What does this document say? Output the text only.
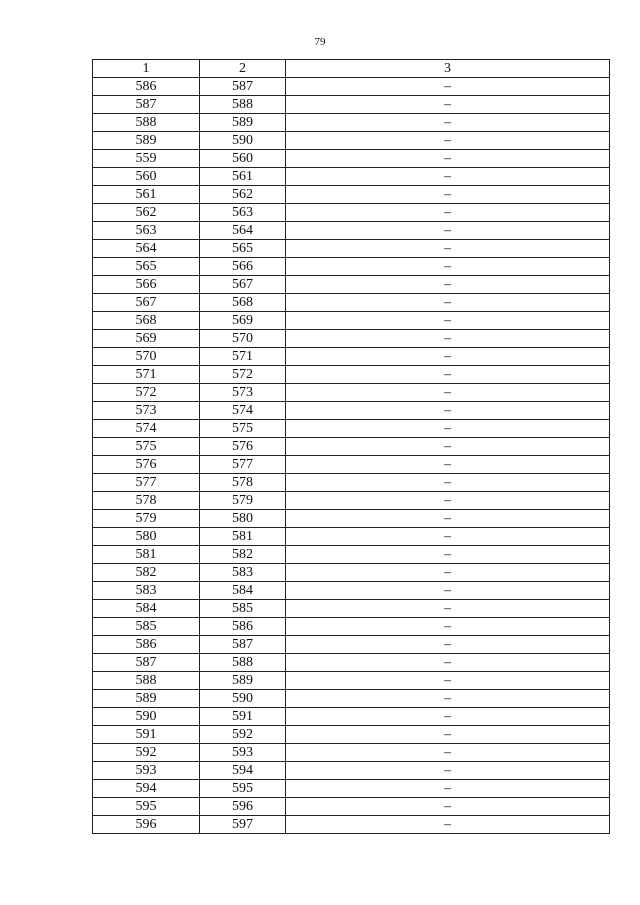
79
1	2	3
586	587	–
587	588	–
588	589	–
589	590	–
559	560	–
560	561	–
561	562	–
562	563	–
563	564	–
564	565	–
565	566	–
566	567	–
567	568	–
568	569	–
569	570	–
570	571	–
571	572	–
572	573	–
573	574	–
574	575	–
575	576	–
576	577	–
577	578	–
578	579	–
579	580	–
580	581	–
581	582	–
582	583	–
583	584	–
584	585	–
585	586	–
586	587	–
587	588	–
588	589	–
589	590	–
590	591	–
591	592	–
592	593	–
593	594	–
594	595	–
595	596	–
596	597	–
